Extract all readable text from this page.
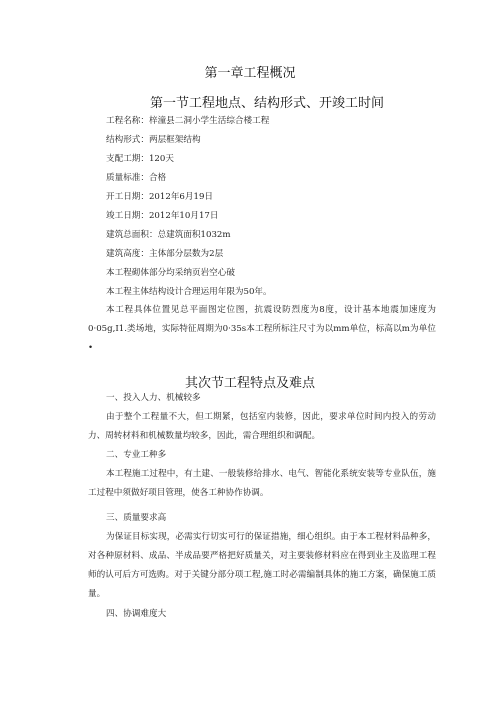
第一章工程概况
第一节工程地点、结构形式、开竣工时间
工程名称：梓潼县二洞小学生活综合楼工程
结构形式：两层框架结构
支配工期：120天
质量标准：合格
开工日期：2012年6月19日
竣工日期：2012年10月17日
建筑总面积：总建筑面积1032m
建筑高度：主体部分层数为2层
本工程砌体部分均采纳页岩空心破
本工程主体结构设计合理运用年限为50年。
本工程具体位置见总平面图定位图，抗震设防烈度为8度，设计基本地震加速度为0·05g,I1.类场地，实际特征周期为0·35s本工程所标注尺寸为以mm单位，标高以m为单位•
其次节工程特点及难点
一、投入人力、机械较多
由于整个工程量不大，但工期紧，包括室内装修，因此，要求单位时间内投入的劳动力、周转材料和机械数量均较多，因此，需合理组织和调配。
二、专业工种多
本工程施工过程中，有土建、一般装修给排水、电气、智能化系统安装等专业队伍，施工过程中须做好项目管理，使各工种协作协调。
三、质量要求高
为保证目标实现，必需实行切实可行的保证措施，细心组织。由于本工程材料品种多，对各种原材料、成品、半成品要严格把好质量关，对主要装修材料应在得到业主及监理工程师的认可后方可选购。对于关键分部分项工程,施工时必需编制具体的施工方案，确保施工质量。
四、协调难度大
